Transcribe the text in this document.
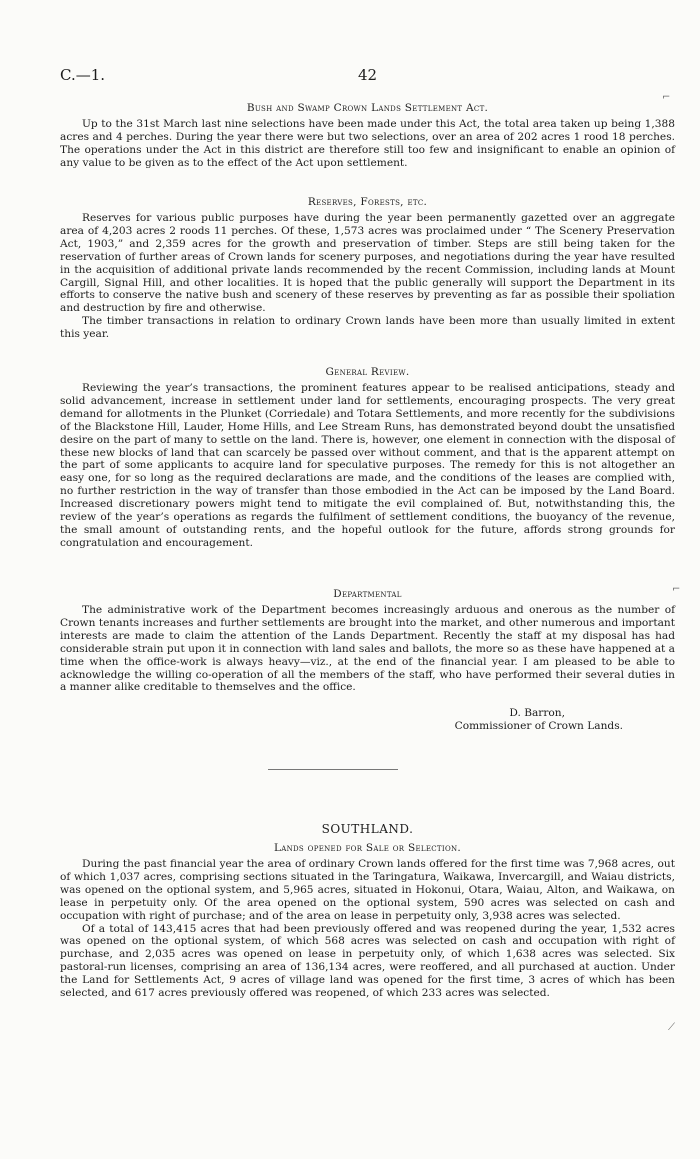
C.—1.	42
Bush and Swamp Crown Lands Settlement Act.

Up to the 31st March last nine selections have been made under this Act, the total area taken up being 1,388 acres and 4 perches. During the year there were but two selections, over an area of 202 acres 1 rood 18 perches. The operations under the Act in this district are therefore still too few and insignificant to enable an opinion of any value to be given as to the effect of the Act upon settlement.

Reserves, Forests, etc.

Reserves for various public purposes have during the year been permanently gazetted over an aggregate area of 4,203 acres 2 roods 11 perches. Of these, 1,573 acres was proclaimed under “ The Scenery Preservation Act, 1903,” and 2,359 acres for the growth and preservation of timber. Steps are still being taken for the reservation of further areas of Crown lands for scenery purposes, and negotiations during the year have resulted in the acquisition of additional private lands recommended by the recent Commission, including lands at Mount Cargill, Signal Hill, and other localities. It is hoped that the public generally will support the Department in its efforts to conserve the native bush and scenery of these reserves by preventing as far as possible their spoliation and destruction by fire and otherwise.

The timber transactions in relation to ordinary Crown lands have been more than usually limited in extent this year.

General Review.

Reviewing the year’s transactions, the prominent features appear to be realised anticipations, steady and solid advancement, increase in settlement under land for settlements, encouraging prospects. The very great demand for allotments in the Plunket (Corriedale) and Totara Settlements, and more recently for the subdivisions of the Blackstone Hill, Lauder, Home Hills, and Lee Stream Runs, has demonstrated beyond doubt the unsatisfied desire on the part of many to settle on the land. There is, however, one element in connection with the disposal of these new blocks of land that can scarcely be passed over without comment, and that is the apparent attempt on the part of some applicants to acquire land for speculative purposes. The remedy for this is not altogether an easy one, for so long as the required declarations are made, and the conditions of the leases are complied with, no further restriction in the way of transfer than those embodied in the Act can be imposed by the Land Board. Increased discretionary powers might tend to mitigate the evil complained of. But, notwithstanding this, the review of the year’s operations as regards the fulfilment of settlement conditions, the buoyancy of the revenue, the small amount of outstanding rents, and the hopeful outlook for the future, affords strong grounds for congratulation and encouragement.

Departmental

The administrative work of the Department becomes increasingly arduous and onerous as the number of Crown tenants increases and further settlements are brought into the market, and other numerous and important interests are made to claim the attention of the Lands Department. Recently the staff at my disposal has had considerable strain put upon it in connection with land sales and ballots, the more so as these have happened at a time when the office-work is always heavy—viz., at the end of the financial year. I am pleased to be able to acknowledge the willing co-operation of all the members of the staff, who have performed their several duties in a manner alike creditable to themselves and the office.

D. Barron,
Commissioner of Crown Lands.
SOUTHLAND.
Lands opened for Sale or Selection.

During the past financial year the area of ordinary Crown lands offered for the first time was 7,968 acres, out of which 1,037 acres, comprising sections situated in the Taringatura, Waikawa, Invercargill, and Waiau districts, was opened on the optional system, and 5,965 acres, situated in Hokonui, Otara, Waiau, Alton, and Waikawa, on lease in perpetuity only. Of the area opened on the optional system, 590 acres was selected on cash and occupation with right of purchase; and of the area on lease in perpetuity only, 3,938 acres was selected.

Of a total of 143,415 acres that had been previously offered and was reopened during the year, 1,532 acres was opened on the optional system, of which 568 acres was selected on cash and occupation with right of purchase, and 2,035 acres was opened on lease in perpetuity only, of which 1,638 acres was selected. Six pastoral-run licenses, comprising an area of 136,134 acres, were reoffered, and all purchased at auction. Under the Land for Settlements Act, 9 acres of village land was opened for the first time, 3 acres of which has been selected, and 617 acres previously offered was reopened, of which 233 acres was selected.

⌐
⌐
⟋
